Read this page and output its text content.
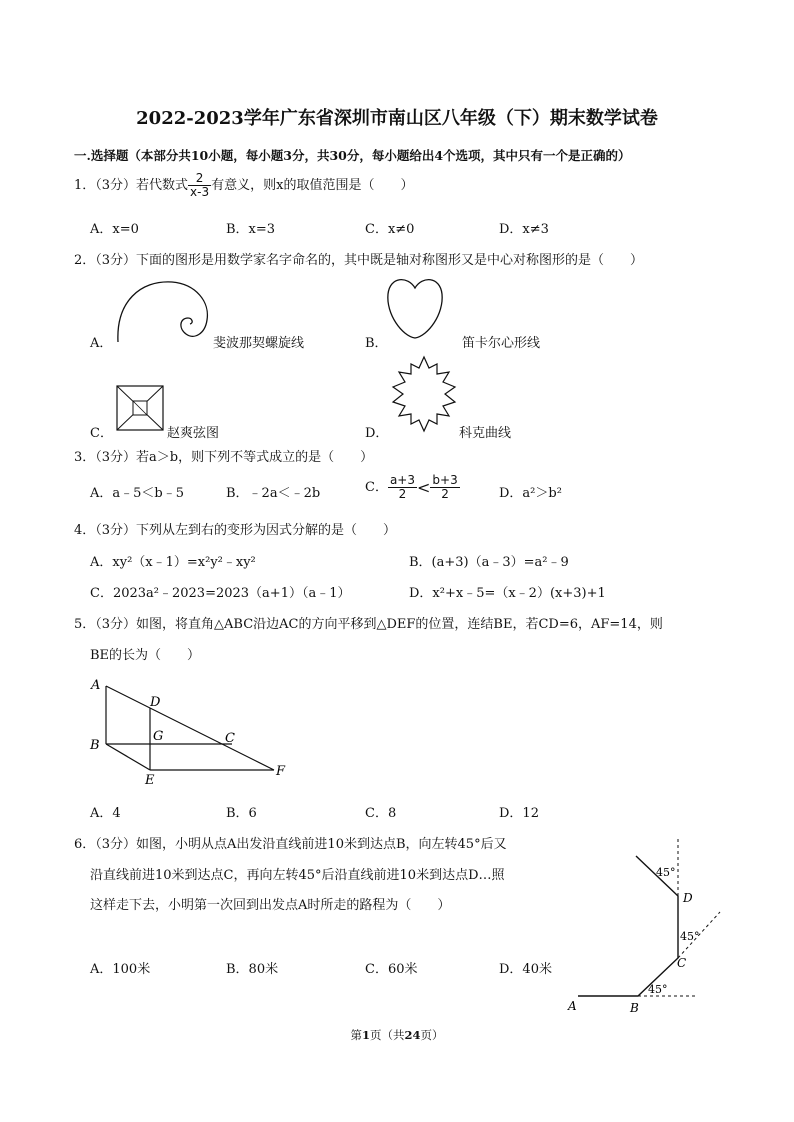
2022-2023学年广东省深圳市南山区八年级（下）期末数学试卷
一.选择题（本部分共10小题，每小题3分，共30分，每小题给出4个选项，其中只有一个是正确的）
1．（3分）若代数式 $\frac{2}{x-3}$ 有意义，则x的取值范围是（　　）
A．x=0	B．x=3	C．x≠0	D．x≠3
2．（3分）下面的图形是用数学家名字命名的，其中既是轴对称图形又是中心对称图形的是（　　）
A．	斐波那契螺旋线	B．	笛卡尔心形线
C．	赵爽弦图	D．	科克曲线
3．（3分）若a＞b，则下列不等式成立的是（　　）
A．a﹣5＜b﹣5	B．﹣2a＜﹣2b	C． $\frac{a+3}{2} < \frac{b+3}{2}$	D．a²＞b²
4．（3分）下列从左到右的变形为因式分解的是（　　）
A．xy²（x﹣1）=x²y²﹣xy²	B．(a+3)（a﹣3）=a²﹣9
C．2023a²﹣2023=2023（a+1）（a﹣1）	D．x²+x﹣5=（x﹣2）(x+3)+1
5．（3分）如图，将直角△ABC沿边AC的方向平移到△DEF的位置，连结BE，若CD=6，AF=14，则
BE的长为（　　）
A
B
D
G	C
E
F
A．4	B．6	C．8	D．12
6．（3分）如图，小明从点A出发沿直线前进10米到达点B，向左转45°后又
沿直线前进10米到达点C，再向左转45°后沿直线前进10米到达点D…照
这样走下去，小明第一次回到出发点A时所走的路程为（　　）
A．100米	B．80米	C．60米	D．40米
45°
45°
45°
A	B
C
D
第1页（共24页）
